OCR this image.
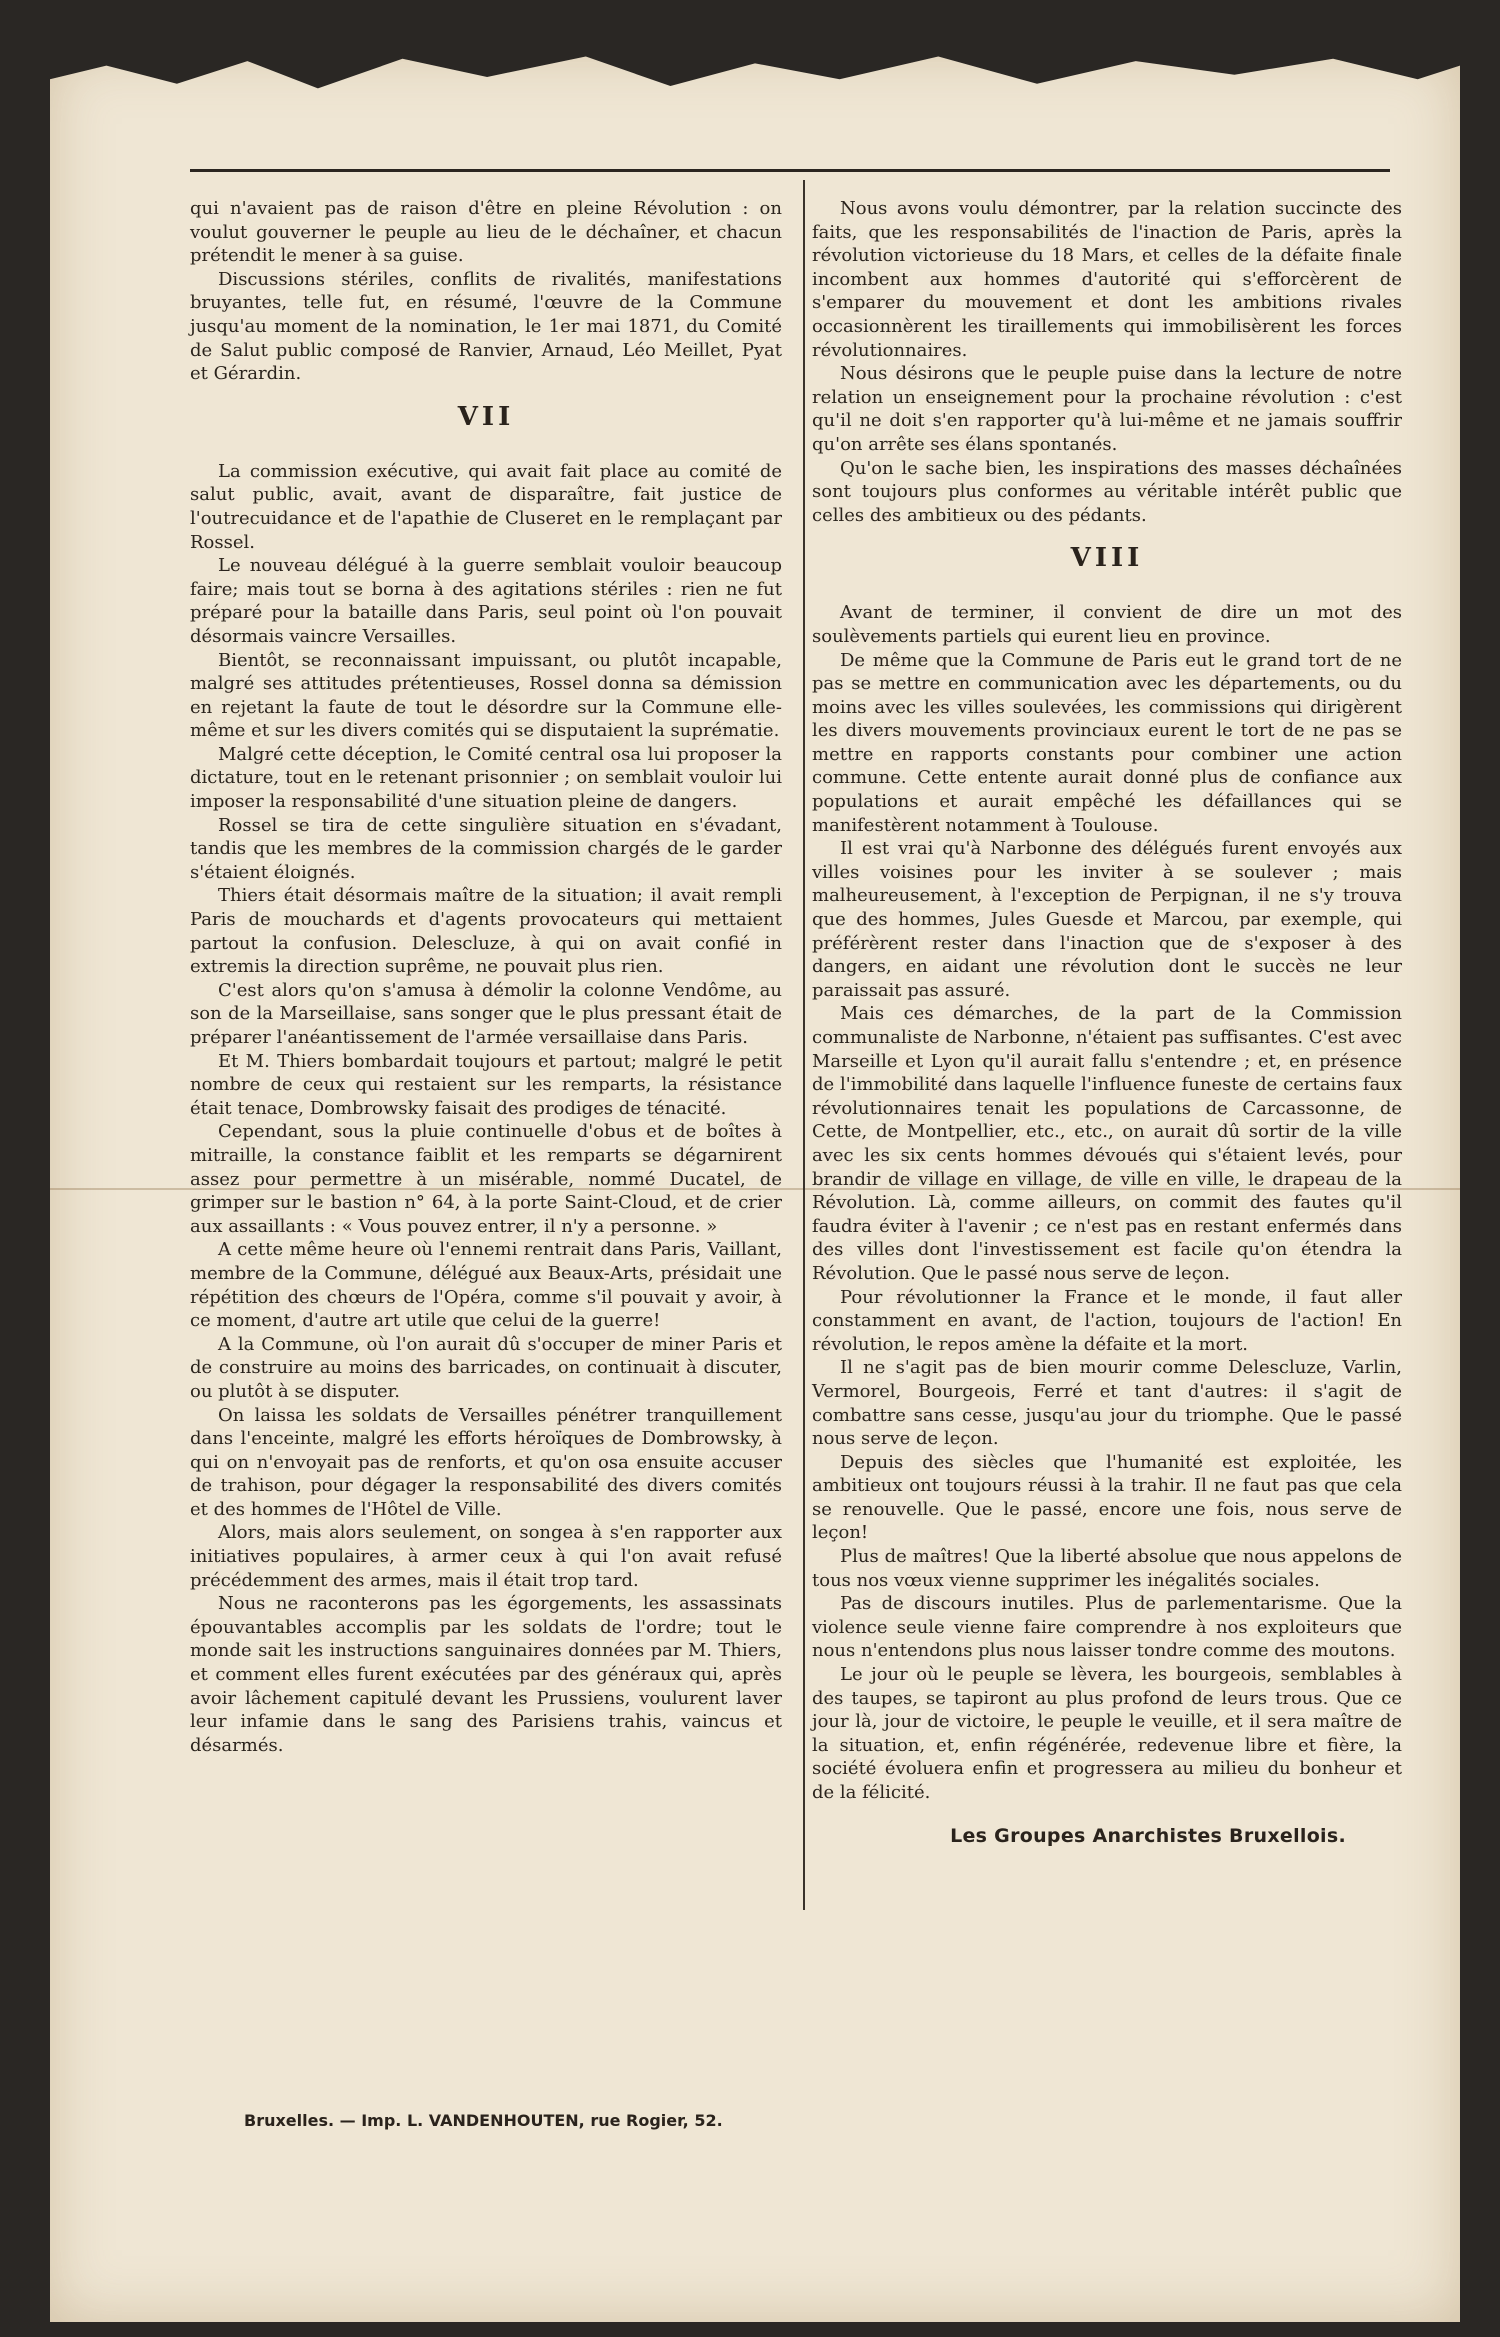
qui n'avaient pas de raison d'être en pleine Révolution : on voulut gouverner le peuple au lieu de le déchaîner, et chacun prétendit le mener à sa guise.

Discussions stériles, conflits de rivalités, manifestations bruyantes, telle fut, en résumé, l'œuvre de la Commune jusqu'au moment de la nomination, le 1er mai 1871, du Comité de Salut public composé de Ranvier, Arnaud, Léo Meillet, Pyat et Gérardin.

VII

La commission exécutive, qui avait fait place au comité de salut public, avait, avant de disparaître, fait justice de l'outrecuidance et de l'apathie de Cluseret en le remplaçant par Rossel.

Le nouveau délégué à la guerre semblait vouloir beaucoup faire; mais tout se borna à des agitations stériles : rien ne fut préparé pour la bataille dans Paris, seul point où l'on pouvait désormais vaincre Versailles.

Bientôt, se reconnaissant impuissant, ou plutôt incapable, malgré ses attitudes prétentieuses, Rossel donna sa démission en rejetant la faute de tout le désordre sur la Commune elle-même et sur les divers comités qui se disputaient la suprématie.

Malgré cette déception, le Comité central osa lui proposer la dictature, tout en le retenant prisonnier ; on semblait vouloir lui imposer la responsabilité d'une situation pleine de dangers.

Rossel se tira de cette singulière situation en s'évadant, tandis que les membres de la commission chargés de le garder s'étaient éloignés.

Thiers était désormais maître de la situation; il avait rempli Paris de mouchards et d'agents provocateurs qui mettaient partout la confusion. Delescluze, à qui on avait confié in extremis la direction suprême, ne pouvait plus rien.

C'est alors qu'on s'amusa à démolir la colonne Vendôme, au son de la Marseillaise, sans songer que le plus pressant était de préparer l'anéantissement de l'armée versaillaise dans Paris.

Et M. Thiers bombardait toujours et partout; malgré le petit nombre de ceux qui restaient sur les remparts, la résistance était tenace, Dombrowsky faisait des prodiges de ténacité.

Cependant, sous la pluie continuelle d'obus et de boîtes à mitraille, la constance faiblit et les remparts se dégarnirent assez pour permettre à un misérable, nommé Ducatel, de grimper sur le bastion n° 64, à la porte Saint-Cloud, et de crier aux assaillants : « Vous pouvez entrer, il n'y a personne. »

A cette même heure où l'ennemi rentrait dans Paris, Vaillant, membre de la Commune, délégué aux Beaux-Arts, présidait une répétition des chœurs de l'Opéra, comme s'il pouvait y avoir, à ce moment, d'autre art utile que celui de la guerre!

A la Commune, où l'on aurait dû s'occuper de miner Paris et de construire au moins des barricades, on continuait à discuter, ou plutôt à se disputer.

On laissa les soldats de Versailles pénétrer tranquillement dans l'enceinte, malgré les efforts héroïques de Dombrowsky, à qui on n'envoyait pas de renforts, et qu'on osa ensuite accuser de trahison, pour dégager la responsabilité des divers comités et des hommes de l'Hôtel de Ville.

Alors, mais alors seulement, on songea à s'en rapporter aux initiatives populaires, à armer ceux à qui l'on avait refusé précédemment des armes, mais il était trop tard.

Nous ne raconterons pas les égorgements, les assassinats épouvantables accomplis par les soldats de l'ordre; tout le monde sait les instructions sanguinaires données par M. Thiers, et comment elles furent exécutées par des généraux qui, après avoir lâchement capitulé devant les Prussiens, voulurent laver leur infamie dans le sang des Parisiens trahis, vaincus et désarmés.

Nous avons voulu démontrer, par la relation succincte des faits, que les responsabilités de l'inaction de Paris, après la révolution victorieuse du 18 Mars, et celles de la défaite finale incombent aux hommes d'autorité qui s'efforcèrent de s'emparer du mouvement et dont les ambitions rivales occasionnèrent les tiraillements qui immobilisèrent les forces révolutionnaires.

Nous désirons que le peuple puise dans la lecture de notre relation un enseignement pour la prochaine révolution : c'est qu'il ne doit s'en rapporter qu'à lui-même et ne jamais souffrir qu'on arrête ses élans spontanés.

Qu'on le sache bien, les inspirations des masses déchaînées sont toujours plus conformes au véritable intérêt public que celles des ambitieux ou des pédants.

VIII

Avant de terminer, il convient de dire un mot des soulèvements partiels qui eurent lieu en province.

De même que la Commune de Paris eut le grand tort de ne pas se mettre en communication avec les départements, ou du moins avec les villes soulevées, les commissions qui dirigèrent les divers mouvements provinciaux eurent le tort de ne pas se mettre en rapports constants pour combiner une action commune. Cette entente aurait donné plus de confiance aux populations et aurait empêché les défaillances qui se manifestèrent notamment à Toulouse.

Il est vrai qu'à Narbonne des délégués furent envoyés aux villes voisines pour les inviter à se soulever ; mais malheureusement, à l'exception de Perpignan, il ne s'y trouva que des hommes, Jules Guesde et Marcou, par exemple, qui préférèrent rester dans l'inaction que de s'exposer à des dangers, en aidant une révolution dont le succès ne leur paraissait pas assuré.

Mais ces démarches, de la part de la Commission communaliste de Narbonne, n'étaient pas suffisantes. C'est avec Marseille et Lyon qu'il aurait fallu s'entendre ; et, en présence de l'immobilité dans laquelle l'influence funeste de certains faux révolutionnaires tenait les populations de Carcassonne, de Cette, de Montpellier, etc., etc., on aurait dû sortir de la ville avec les six cents hommes dévoués qui s'étaient levés, pour brandir de village en village, de ville en ville, le drapeau de la Révolution. Là, comme ailleurs, on commit des fautes qu'il faudra éviter à l'avenir ; ce n'est pas en restant enfermés dans des villes dont l'investissement est facile qu'on étendra la Révolution. Que le passé nous serve de leçon.

Pour révolutionner la France et le monde, il faut aller constamment en avant, de l'action, toujours de l'action! En révolution, le repos amène la défaite et la mort.

Il ne s'agit pas de bien mourir comme Delescluze, Varlin, Vermorel, Bourgeois, Ferré et tant d'autres: il s'agit de combattre sans cesse, jusqu'au jour du triomphe. Que le passé nous serve de leçon.

Depuis des siècles que l'humanité est exploitée, les ambitieux ont toujours réussi à la trahir. Il ne faut pas que cela se renouvelle. Que le passé, encore une fois, nous serve de leçon!

Plus de maîtres! Que la liberté absolue que nous appelons de tous nos vœux vienne supprimer les inégalités sociales.

Pas de discours inutiles. Plus de parlementarisme. Que la violence seule vienne faire comprendre à nos exploiteurs que nous n'entendons plus nous laisser tondre comme des moutons.

Le jour où le peuple se lèvera, les bourgeois, semblables à des taupes, se tapiront au plus profond de leurs trous. Que ce jour là, jour de victoire, le peuple le veuille, et il sera maître de la situation, et, enfin régénérée, redevenue libre et fière, la société évoluera enfin et progressera au milieu du bonheur et de la félicité.

Les Groupes Anarchistes Bruxellois.
Bruxelles. — Imp. L. VANDENHOUTEN, rue Rogier, 52.
